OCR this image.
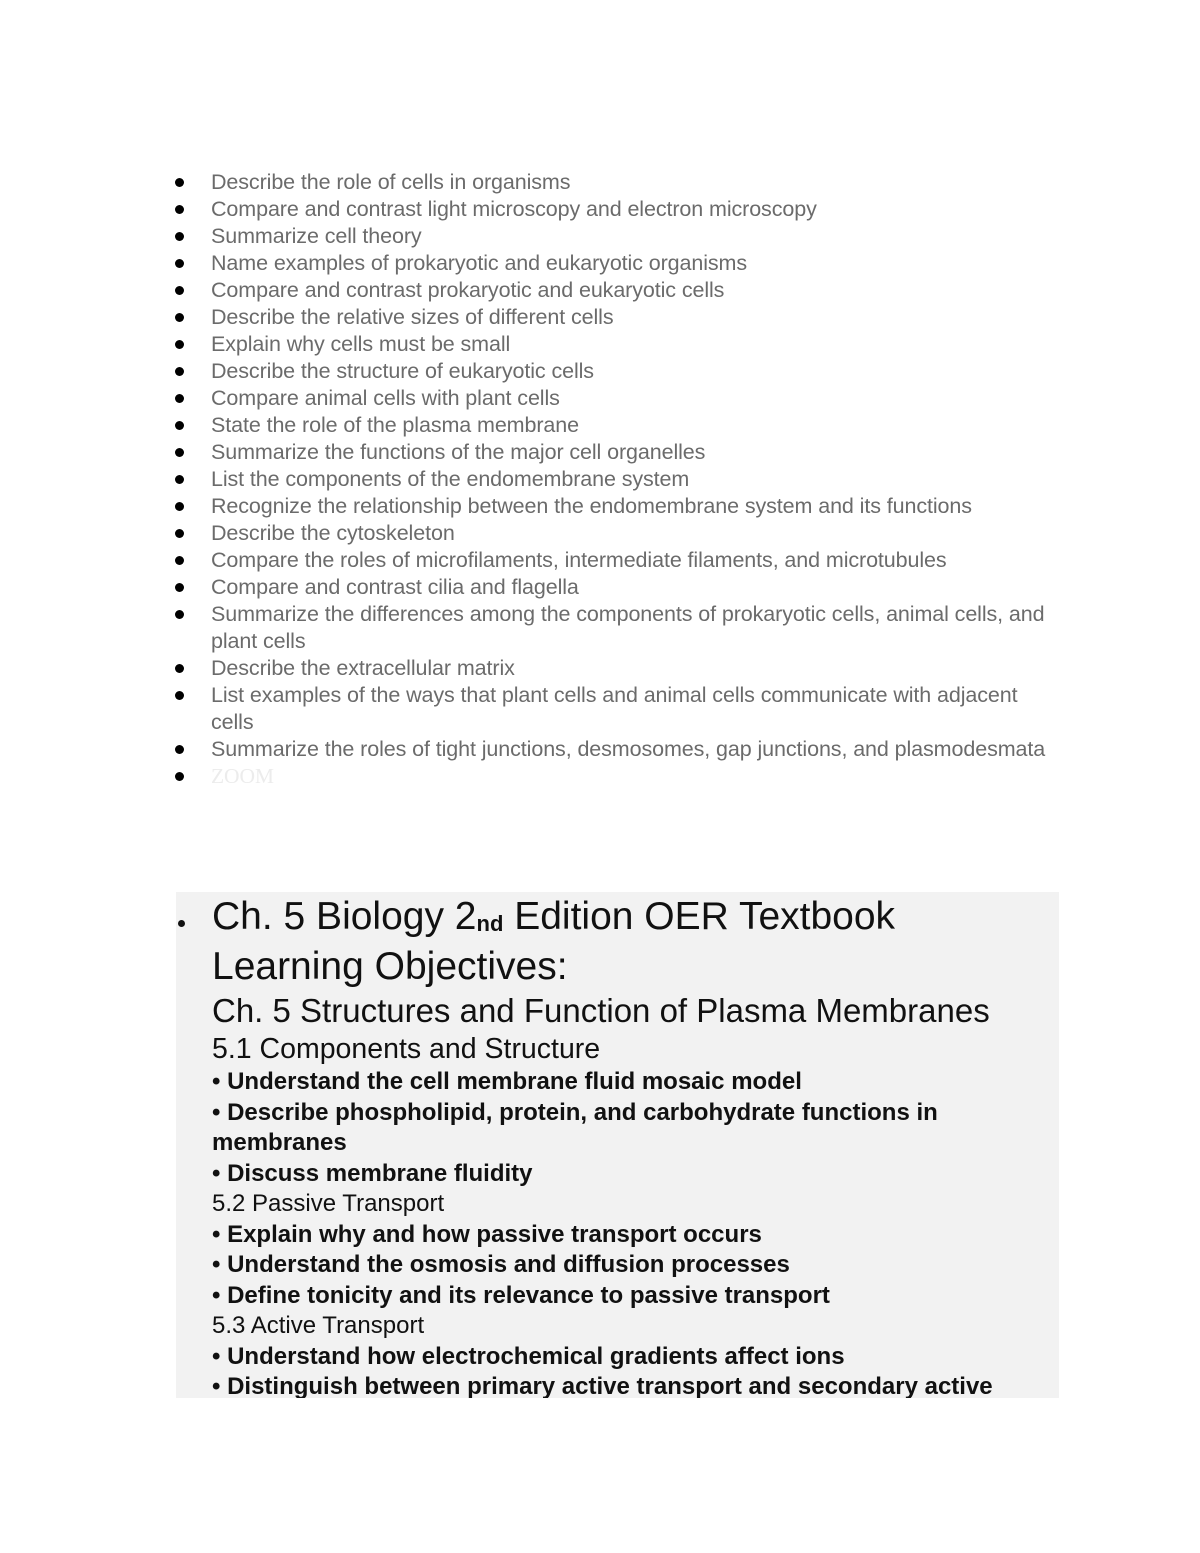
Describe the role of cells in organisms
Compare and contrast light microscopy and electron microscopy
Summarize cell theory
Name examples of prokaryotic and eukaryotic organisms
Compare and contrast prokaryotic and eukaryotic cells
Describe the relative sizes of different cells
Explain why cells must be small
Describe the structure of eukaryotic cells
Compare animal cells with plant cells
State the role of the plasma membrane
Summarize the functions of the major cell organelles
List the components of the endomembrane system
Recognize the relationship between the endomembrane system and its functions
Describe the cytoskeleton
Compare the roles of microfilaments, intermediate filaments, and microtubules
Compare and contrast cilia and flagella
Summarize the differences among the components of prokaryotic cells, animal cells, and plant cells
Describe the extracellular matrix
List examples of the ways that plant cells and animal cells communicate with adjacent cells
Summarize the roles of tight junctions, desmosomes, gap junctions, and plasmodesmata
ZOOM
Ch. 5 Biology 2nd Edition OER Textbook Learning Objectives:
Ch. 5 Structures and Function of Plasma Membranes

5.1 Components and Structure

• Understand the cell membrane fluid mosaic model

• Describe phospholipid, protein, and carbohydrate functions in membranes

• Discuss membrane fluidity

5.2 Passive Transport

• Explain why and how passive transport occurs

• Understand the osmosis and diffusion processes

• Define tonicity and its relevance to passive transport

5.3 Active Transport

• Understand how electrochemical gradients affect ions

• Distinguish between primary active transport and secondary active
